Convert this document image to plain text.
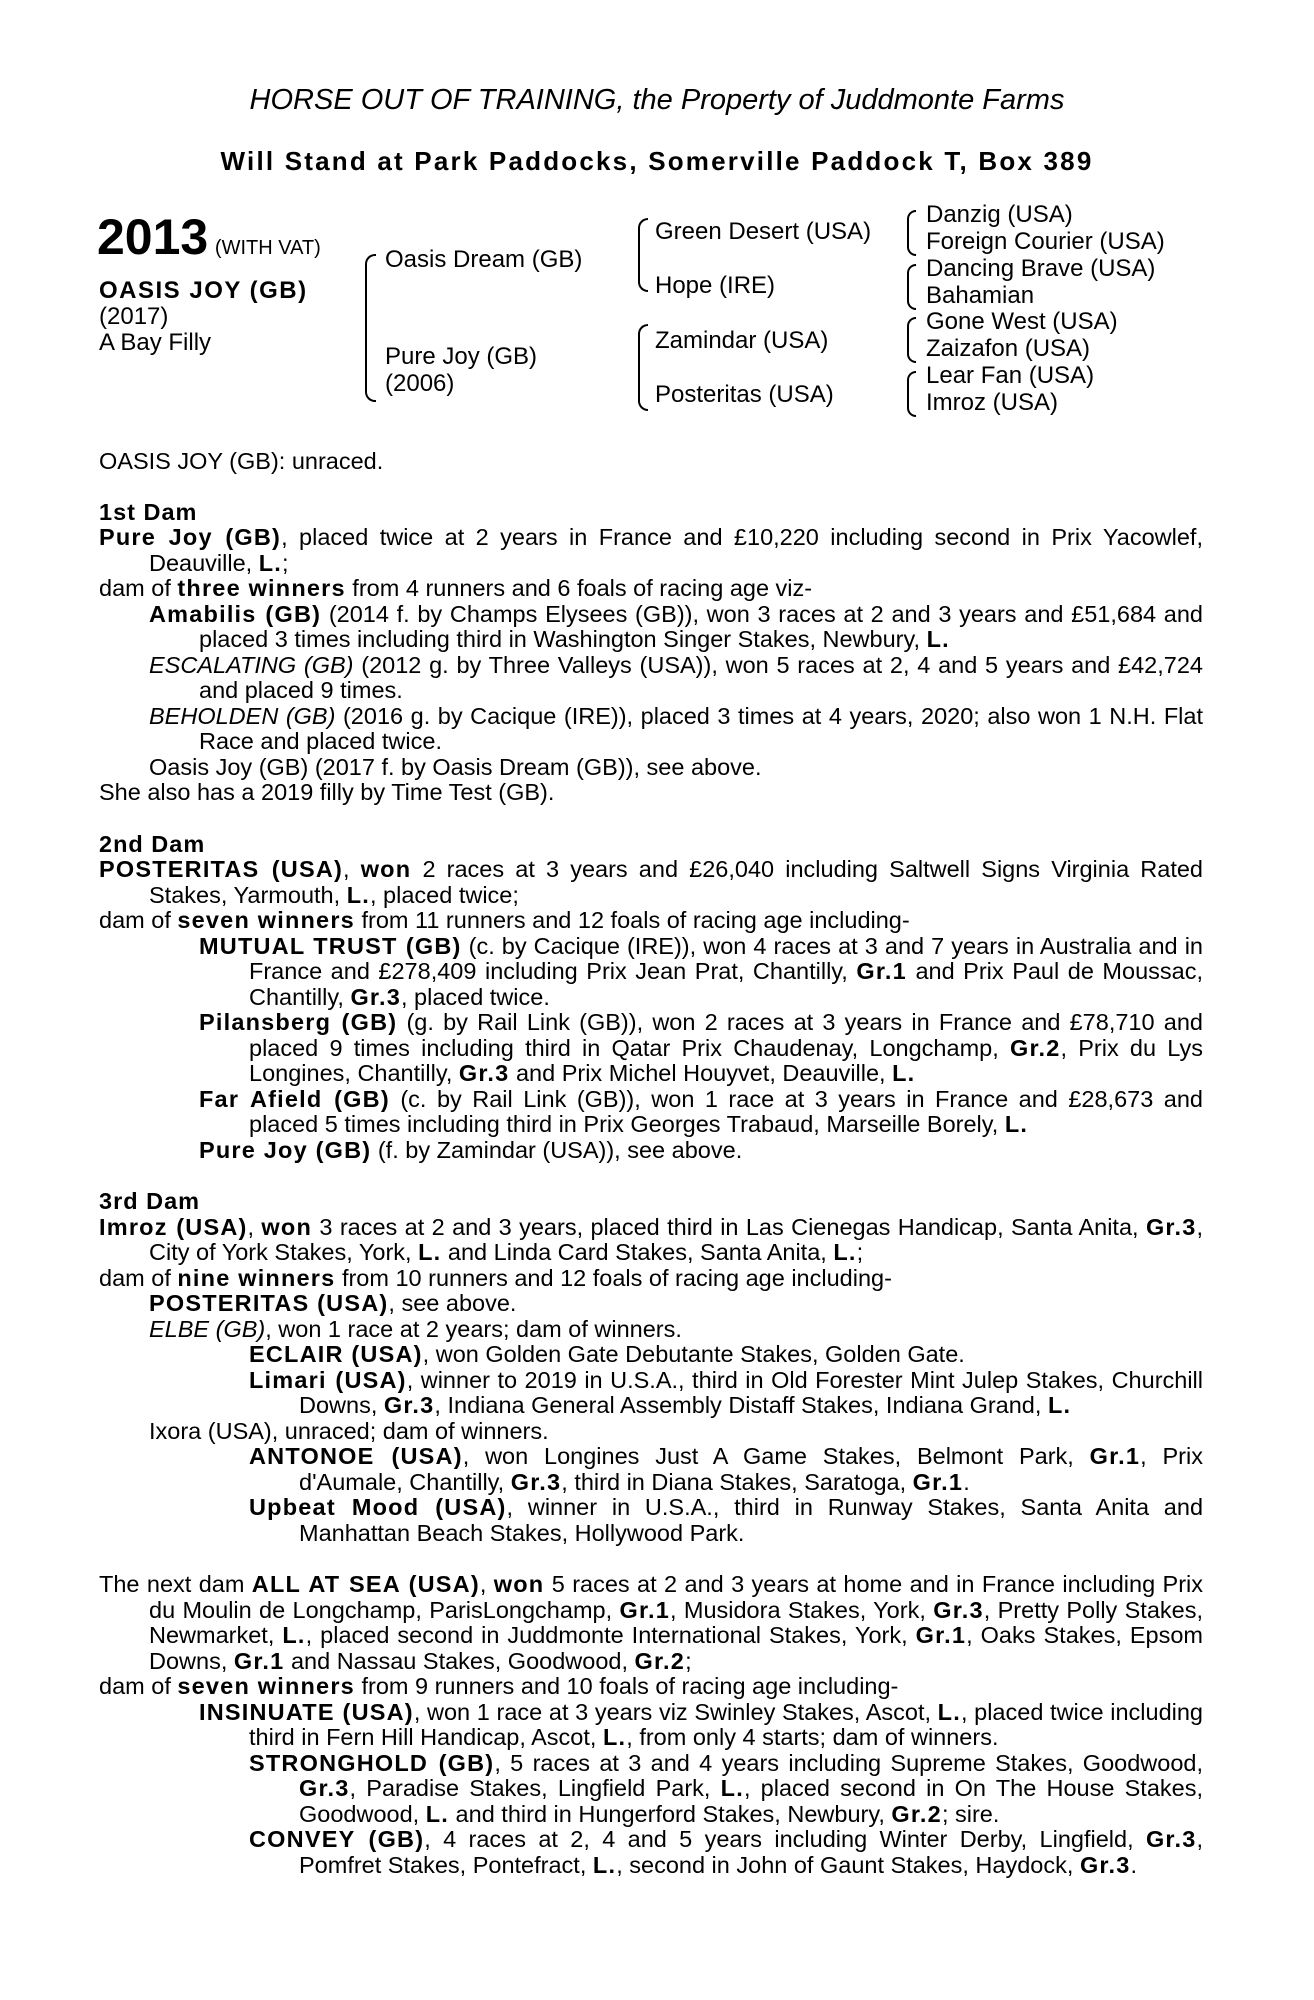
HORSE OUT OF TRAINING, the Property of Juddmonte Farms
Will Stand at Park Paddocks, Somerville Paddock T, Box 389
2013 (WITH VAT)
OASIS JOY (GB)
(2017)
A Bay Filly
Oasis Dream (GB)
Pure Joy (GB)
(2006)
Green Desert (USA)
Hope (IRE)
Zamindar (USA)
Posteritas (USA)
Danzig (USA)
Foreign Courier (USA)
Dancing Brave (USA)
Bahamian
Gone West (USA)
Zaizafon (USA)
Lear Fan (USA)
Imroz (USA)

OASIS JOY (GB): unraced.

1st Dam

Pure Joy (GB), placed twice at 2 years in France and £10,220 including second in Prix Yacowlef, Deauville, L.;

dam of three winners from 4 runners and 6 foals of racing age viz-

Amabilis (GB) (2014 f. by Champs Elysees (GB)), won 3 races at 2 and 3 years and £51,684 and placed 3 times including third in Washington Singer Stakes, Newbury, L.

ESCALATING (GB) (2012 g. by Three Valleys (USA)), won 5 races at 2, 4 and 5 years and £42,724 and placed 9 times.

BEHOLDEN (GB) (2016 g. by Cacique (IRE)), placed 3 times at 4 years, 2020; also won 1 N.H. Flat Race and placed twice.

Oasis Joy (GB) (2017 f. by Oasis Dream (GB)), see above.

She also has a 2019 filly by Time Test (GB).

2nd Dam

POSTERITAS (USA), won 2 races at 3 years and £26,040 including Saltwell Signs Virginia Rated Stakes, Yarmouth, L., placed twice;

dam of seven winners from 11 runners and 12 foals of racing age including-

MUTUAL TRUST (GB) (c. by Cacique (IRE)), won 4 races at 3 and 7 years in Australia and in France and £278,409 including Prix Jean Prat, Chantilly, Gr.1 and Prix Paul de Moussac, Chantilly, Gr.3, placed twice.

Pilansberg (GB) (g. by Rail Link (GB)), won 2 races at 3 years in France and £78,710 and placed 9 times including third in Qatar Prix Chaudenay, Longchamp, Gr.2, Prix du Lys Longines, Chantilly, Gr.3 and Prix Michel Houyvet, Deauville, L.

Far Afield (GB) (c. by Rail Link (GB)), won 1 race at 3 years in France and £28,673 and placed 5 times including third in Prix Georges Trabaud, Marseille Borely, L.

Pure Joy (GB) (f. by Zamindar (USA)), see above.

3rd Dam

Imroz (USA), won 3 races at 2 and 3 years, placed third in Las Cienegas Handicap, Santa Anita, Gr.3, City of York Stakes, York, L. and Linda Card Stakes, Santa Anita, L.;

dam of nine winners from 10 runners and 12 foals of racing age including-

POSTERITAS (USA), see above.

ELBE (GB), won 1 race at 2 years; dam of winners.

ECLAIR (USA), won Golden Gate Debutante Stakes, Golden Gate.

Limari (USA), winner to 2019 in U.S.A., third in Old Forester Mint Julep Stakes, Churchill Downs, Gr.3, Indiana General Assembly Distaff Stakes, Indiana Grand, L.

Ixora (USA), unraced; dam of winners.

ANTONOE (USA), won Longines Just A Game Stakes, Belmont Park, Gr.1, Prix d'Aumale, Chantilly, Gr.3, third in Diana Stakes, Saratoga, Gr.1.

Upbeat Mood (USA), winner in U.S.A., third in Runway Stakes, Santa Anita and Manhattan Beach Stakes, Hollywood Park.

The next dam ALL AT SEA (USA), won 5 races at 2 and 3 years at home and in France including Prix du Moulin de Longchamp, ParisLongchamp, Gr.1, Musidora Stakes, York, Gr.3, Pretty Polly Stakes, Newmarket, L., placed second in Juddmonte International Stakes, York, Gr.1, Oaks Stakes, Epsom Downs, Gr.1 and Nassau Stakes, Goodwood, Gr.2;

dam of seven winners from 9 runners and 10 foals of racing age including-

INSINUATE (USA), won 1 race at 3 years viz Swinley Stakes, Ascot, L., placed twice including third in Fern Hill Handicap, Ascot, L., from only 4 starts; dam of winners.

STRONGHOLD (GB), 5 races at 3 and 4 years including Supreme Stakes, Goodwood, Gr.3, Paradise Stakes, Lingfield Park, L., placed second in On The House Stakes, Goodwood, L. and third in Hungerford Stakes, Newbury, Gr.2; sire.

CONVEY (GB), 4 races at 2, 4 and 5 years including Winter Derby, Lingfield, Gr.3, Pomfret Stakes, Pontefract, L., second in John of Gaunt Stakes, Haydock, Gr.3.
